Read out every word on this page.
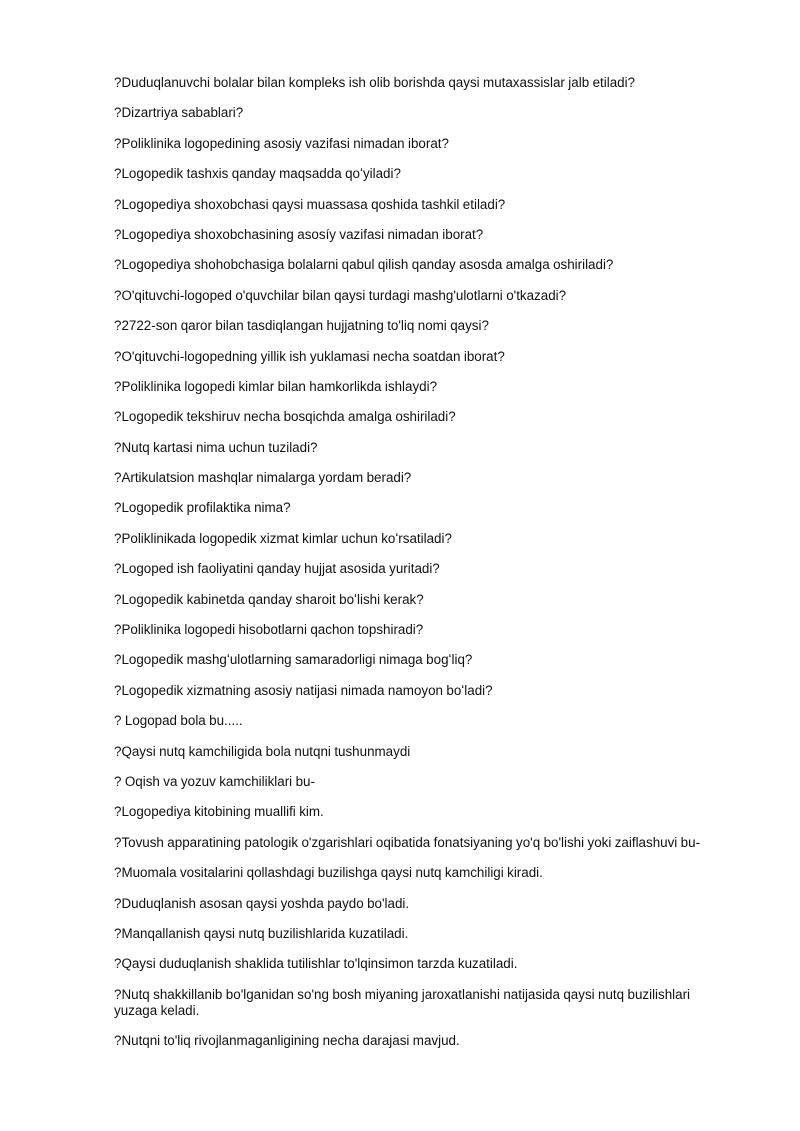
?Duduqlanuvchi bolalar bilan kompleks ish olib borishda qaysi mutaxassislar jalb etiladi?
?Dizartriya sabablari?
?Poliklinika logopedining asosiy vazifasi nimadan iborat?
?Logopedik tashxis qanday maqsadda qoʻyiladi?
?Logopediya shoxobchasi qaysi muassasa qoshida tashkil etiladi?
?Logopediya shoxobchasining asosíy vazifasi nimadan iborat?
?Logopediya shohobchasiga bolalarni qabul qilish qanday asosda amalga oshiriladi?
?O'qituvchi-logoped o'quvchilar bilan qaysi turdagi mashg'ulotlarni o'tkazadi?
?2722-son qaror bilan tasdiqlangan hujjatning to'liq nomi qaysi?
?O'qituvchi-logopedning yillik ish yuklamasi necha soatdan iborat?
?Poliklinika logopedi kimlar bilan hamkorlikda ishlaydi?
?Logopedik tekshiruv necha bosqichda amalga oshiriladi?
?Nutq kartasi nima uchun tuziladi?
?Artikulatsion mashqlar nimalarga yordam beradi?
?Logopedik profilaktika nima?
?Poliklinikada logopedik xizmat kimlar uchun koʻrsatiladi?
?Logoped ish faoliyatini qanday hujjat asosida yuritadi?
?Logopedik kabinetda qanday sharoit boʻlishi kerak?
?Poliklinika logopedi hisobotlarni qachon topshiradi?
?Logopedik mashgʻulotlarning samaradorligi nimaga bogʻliq?
?Logopedik xizmatning asosiy natijasi nimada namoyon boʻladi?
? Logopad bola bu.....
?Qaysi nutq kamchiligida bola nutqni tushunmaydi
? Oqish va yozuv kamchiliklari bu-
?Logopediya kitobining muallifi kim.
?Tovush apparatining patologik o'zgarishlari oqibatida fonatsiyaning yo'q bo'lishi yoki zaiflashuvi bu-
?Muomala vositalarini qollashdagi buzilishga qaysi nutq kamchiligi kiradi.
?Duduqlanish asosan qaysi yoshda paydo bo'ladi.
?Manqallanish qaysi nutq buzilishlarida kuzatiladi.
?Qaysi duduqlanish shaklida tutilishlar to'lqinsimon tarzda kuzatiladi.
?Nutq shakkillanib bo'lganidan so'ng bosh miyaning jaroxatlanishi natijasida qaysi nutq buzilishlari yuzaga keladi.
?Nutqni to'liq rivojlanmaganligining necha darajasi mavjud.
